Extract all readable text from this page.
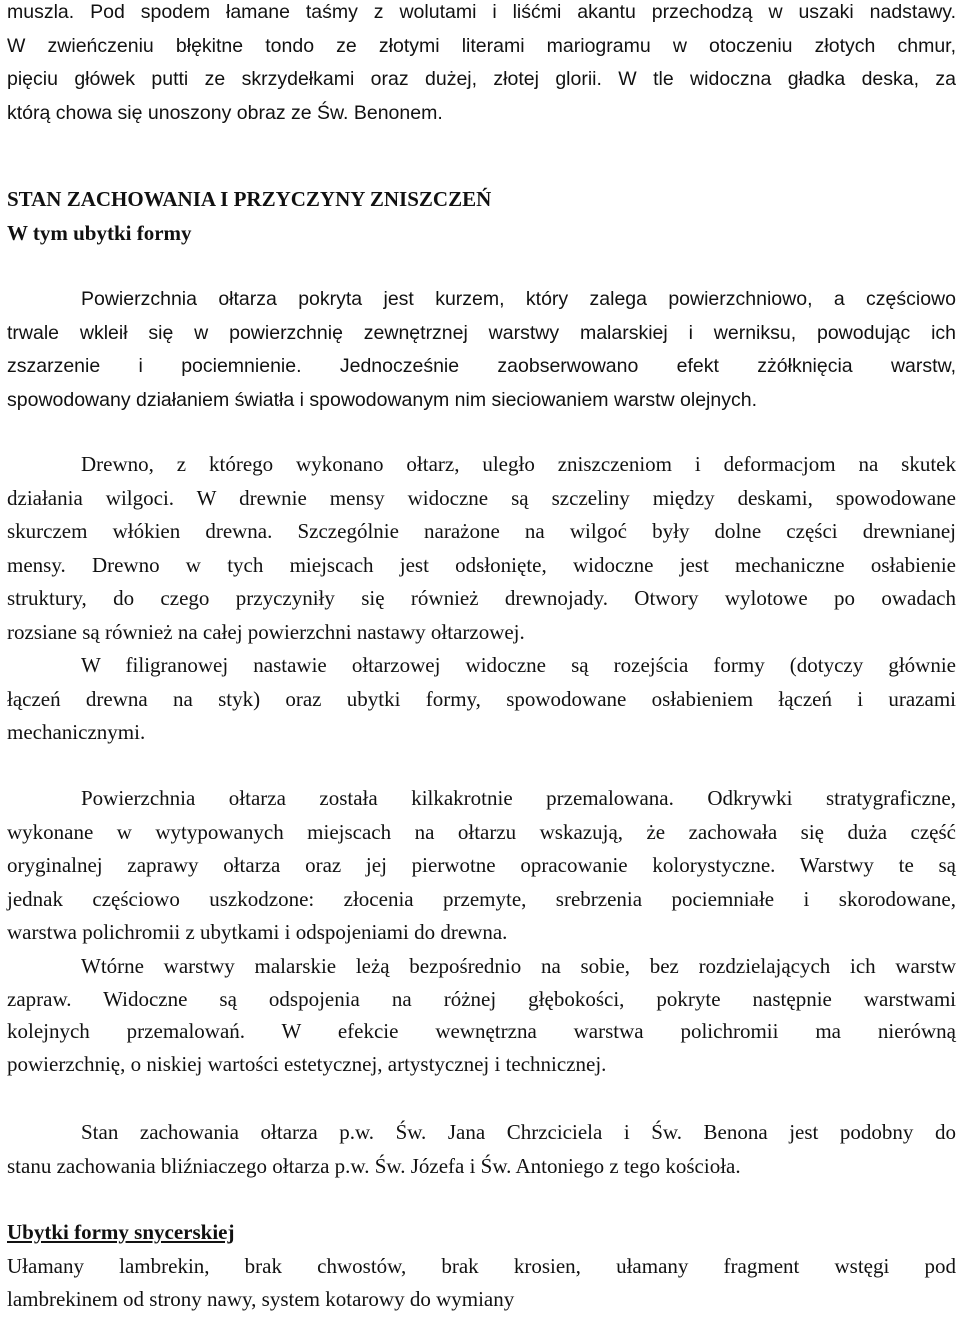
muszla. Pod spodem łamane taśmy z wolutami i liśćmi akantu przechodzą w uszaki nadstawy.
W zwieńczeniu błękitne tondo ze złotymi literami mariogramu w otoczeniu złotych chmur,
pięciu główek putti ze skrzydełkami oraz dużej, złotej glorii. W tle widoczna gładka deska, za
którą chowa się unoszony obraz ze Św. Benonem.
STAN ZACHOWANIA I PRZYCZYNY ZNISZCZEŃ
W tym ubytki formy
Powierzchnia ołtarza pokryta jest kurzem, który zalega powierzchniowo, a częściowo
trwale wkleił się w powierzchnię zewnętrznej warstwy malarskiej i werniksu, powodując ich
zszarzenie i pociemnienie. Jednocześnie zaobserwowano efekt zżółknięcia warstw,
spowodowany działaniem światła i spowodowanym nim sieciowaniem warstw olejnych.
Drewno, z którego wykonano ołtarz, uległo zniszczeniom i deformacjom na skutek
działania wilgoci. W drewnie mensy widoczne są szczeliny między deskami, spowodowane
skurczem włókien drewna. Szczególnie narażone na wilgoć były dolne części drewnianej
mensy. Drewno w tych miejscach jest odsłonięte, widoczne jest mechaniczne osłabienie
struktury, do czego przyczyniły się również drewnojady. Otwory wylotowe po owadach
rozsiane są również na całej powierzchni nastawy ołtarzowej.
W filigranowej nastawie ołtarzowej widoczne są rozejścia formy (dotyczy głównie
łączeń drewna na styk) oraz ubytki formy, spowodowane osłabieniem łączeń i urazami
mechanicznymi.
Powierzchnia ołtarza została kilkakrotnie przemalowana. Odkrywki stratygraficzne,
wykonane w wytypowanych miejscach na ołtarzu wskazują, że zachowała się duża część
oryginalnej zaprawy ołtarza oraz jej pierwotne opracowanie kolorystyczne. Warstwy te są
jednak częściowo uszkodzone: złocenia przemyte, srebrzenia pociemniałe i skorodowane,
warstwa polichromii z ubytkami i odspojeniami do drewna.
Wtórne warstwy malarskie leżą bezpośrednio na sobie, bez rozdzielających ich warstw
zapraw. Widoczne są odspojenia na różnej głębokości, pokryte następnie warstwami
kolejnych przemalowań. W efekcie wewnętrzna warstwa polichromii ma nierówną
powierzchnię, o niskiej wartości estetycznej, artystycznej i technicznej.
Stan zachowania ołtarza p.w. Św. Jana Chrzciciela i Św. Benona jest podobny do
stanu zachowania bliźniaczego ołtarza p.w. Św. Józefa i Św. Antoniego z tego kościoła.
Ubytki formy snycerskiej
Ułamany lambrekin, brak chwostów, brak krosien, ułamany fragment wstęgi pod
lambrekinem od strony nawy, system kotarowy do wymiany
